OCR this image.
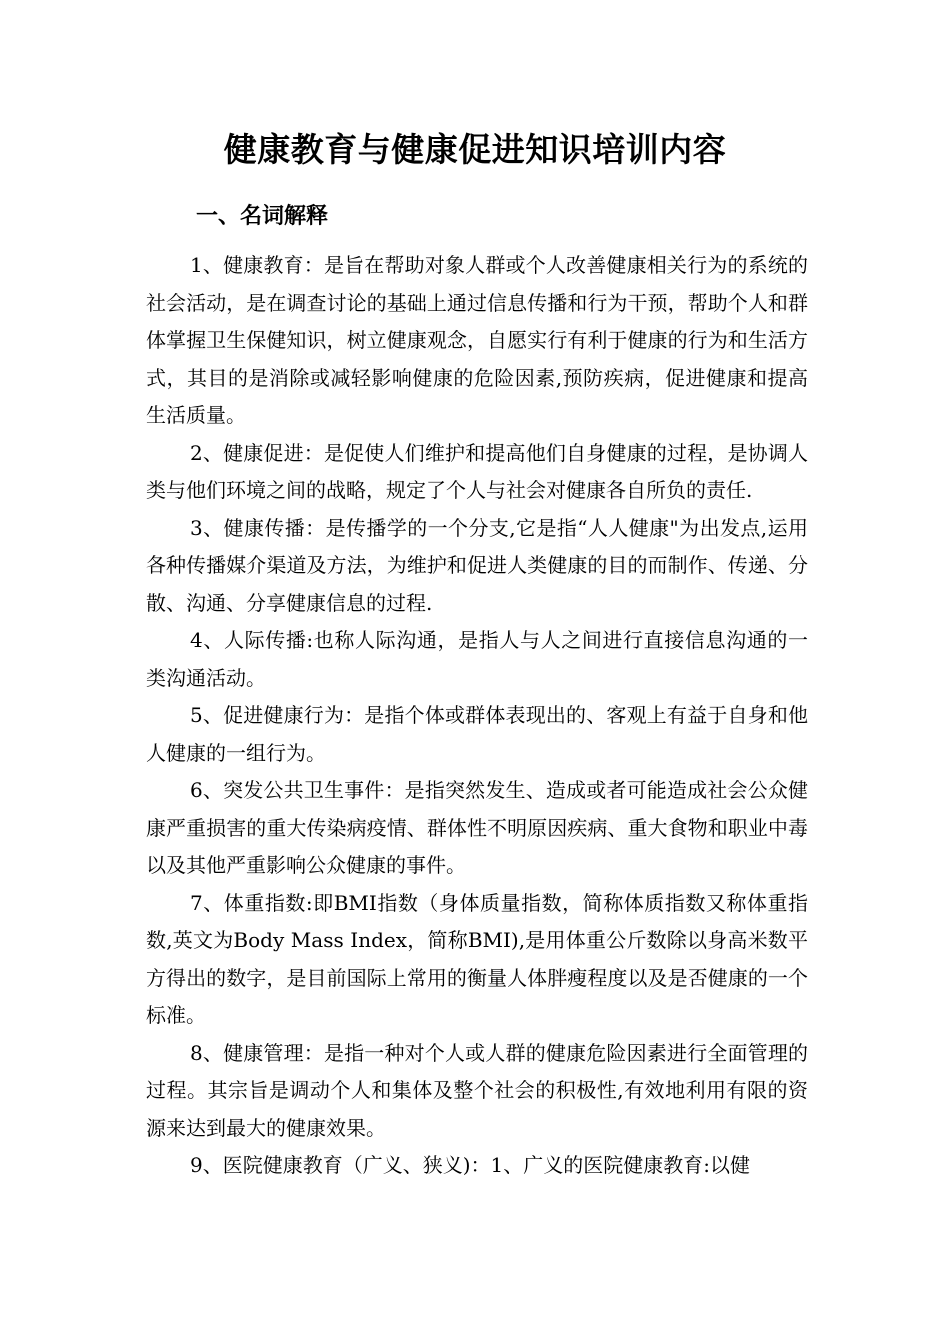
健康教育与健康促进知识培训内容
一、名词解释

1、健康教育：是旨在帮助对象人群或个人改善健康相关行为的系统的社会活动，是在调查讨论的基础上通过信息传播和行为干预，帮助个人和群体掌握卫生保健知识，树立健康观念，自愿实行有利于健康的行为和生活方式，其目的是消除或减轻影响健康的危险因素,预防疾病，促进健康和提高生活质量。

2、健康促进：是促使人们维护和提高他们自身健康的过程，是协调人类与他们环境之间的战略，规定了个人与社会对健康各自所负的责任.

3、健康传播：是传播学的一个分支,它是指“人人健康"为出发点,运用各种传播媒介渠道及方法，为维护和促进人类健康的目的而制作、传递、分散、沟通、分享健康信息的过程.

4、人际传播:也称人际沟通，是指人与人之间进行直接信息沟通的一类沟通活动。

5、促进健康行为：是指个体或群体表现出的、客观上有益于自身和他人健康的一组行为。

6、突发公共卫生事件：是指突然发生、造成或者可能造成社会公众健康严重损害的重大传染病疫情、群体性不明原因疾病、重大食物和职业中毒以及其他严重影响公众健康的事件。

7、体重指数:即BMI指数（身体质量指数，简称体质指数又称体重指数,英文为Body Mass Index，简称BMI),是用体重公斤数除以身高米数平方得出的数字，是目前国际上常用的衡量人体胖瘦程度以及是否健康的一个标准。

8、健康管理：是指一种对个人或人群的健康危险因素进行全面管理的过程。其宗旨是调动个人和集体及整个社会的积极性,有效地利用有限的资源来达到最大的健康效果。

9、医院健康教育（广义、狭义)：1、广义的医院健康教育:以健
